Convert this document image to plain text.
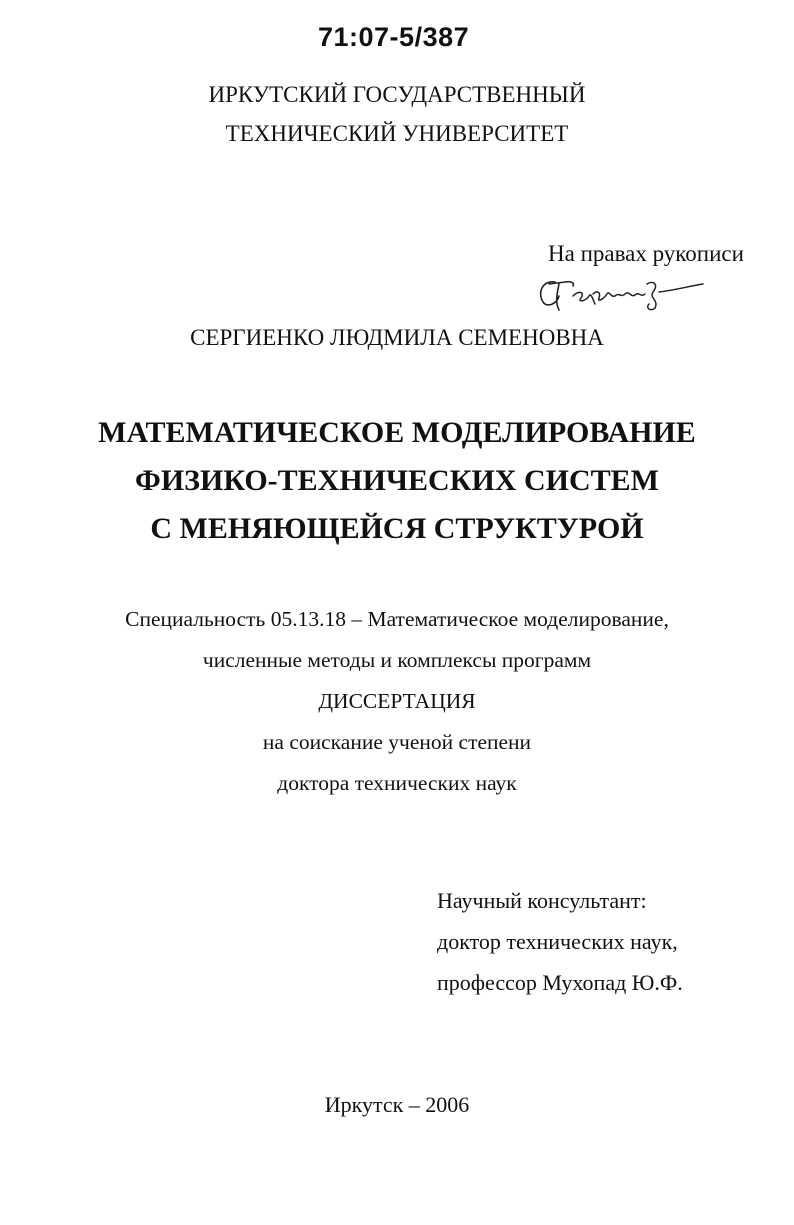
71:07-5/387
ИРКУТСКИЙ ГОСУДАРСТВЕННЫЙ
ТЕХНИЧЕСКИЙ УНИВЕРСИТЕТ
На правах рукописи
СЕРГИЕНКО ЛЮДМИЛА СЕМЕНОВНА
МАТЕМАТИЧЕСКОЕ МОДЕЛИРОВАНИЕ
ФИЗИКО-ТЕХНИЧЕСКИХ СИСТЕМ
С МЕНЯЮЩЕЙСЯ СТРУКТУРОЙ
Специальность 05.13.18 – Математическое моделирование,
численные методы и комплексы программ
ДИССЕРТАЦИЯ
на соискание ученой степени
доктора технических наук
Научный консультант:
доктор технических наук,
профессор Мухопад Ю.Ф.
Иркутск – 2006
